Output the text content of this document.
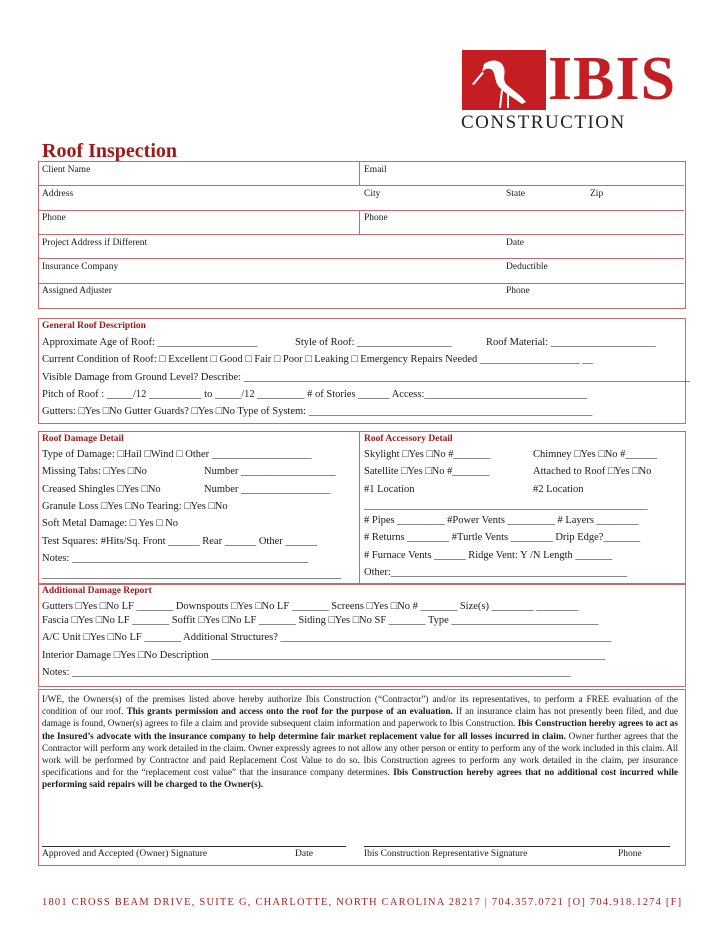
IBIS
CONSTRUCTION
Roof Inspection
Client Name	Email
Address	City	State	Zip
Phone	Phone
Project Address if Different	Date
Insurance Company	Deductible
Assigned Adjuster	Phone
General Roof Description
Approximate Age of Roof: ___________________	Style of Roof: __________________	Roof Material: ____________________
Current Condition of Roof: □ Excellent □ Good □ Fair □ Poor □ Leaking □ Emergency Repairs Needed ___________________ __
Visible Damage from Ground Level? Describe: _____________________________________________________________________________________
Pitch of Roof : _____/12 __________ to _____/12 _________ # of Stories ______ Access:_______________________________
Gutters: □Yes □No Gutter Guards? □Yes □No Type of System: ______________________________________________________
Roof Damage Detail
Type of Damage: □Hail □Wind □ Other ___________________
Missing Tabs: □Yes □No	Number __________________
Creased Shingles □Yes □No	Number _________________
Granule Loss □Yes □No Tearing: □Yes □No
Soft Metal Damage: □ Yes □ No
Test Squares: #Hits/Sq. Front ______ Rear ______ Other ______
Notes: _____________________________________________
_________________________________________________________
Roof Accessory Detail
Skylight □Yes □No #_______	Chimney □Yes □No #______
Satellite □Yes □No #_______	Attached to Roof □Yes □No
#1 Location	#2 Location
______________________________________________________
# Pipes _________ #Power Vents _________ # Layers ________
# Returns ________ #Turtle Vents ________ Drip Edge?_______
# Furnace Vents ______ Ridge Vent: Y /N Length _______
Other:_____________________________________________
Additional Damage Report
Gutters □Yes □No LF _______ Downspouts □Yes □No LF _______ Screens □Yes □No # _______ Size(s) ________ ________
Fascia □Yes □No LF _______ Soffit □Yes □No LF _______ Siding □Yes □No SF _______ Type ____________________________
A/C Unit □Yes □No LF _______ Additional Structures? _______________________________________________________________
Interior Damage □Yes □No Description ___________________________________________________________________________
Notes: _______________________________________________________________________________________________
I/WE, the Owners(s) of the premises listed above hereby authorize Ibis Construction (“Contractor”) and/or its representatives, to perform a FREE evaluation of the condition of our roof. This grants permission and access onto the roof for the purpose of an evaluation. If an insurance claim has not presently been filed, and due damage is found, Owner(s) agrees to file a claim and provide subsequent claim information and paperwork to Ibis Construction. Ibis Construction hereby agrees to act as the Insured’s advocate with the insurance company to help determine fair market replacement value for all losses incurred in claim. Owner further agrees that the Contractor will perform any work detailed in the claim. Owner expressly agrees to not allow any other person or entity to perform any of the work included in this claim. All work will be performed by Contractor and paid Replacement Cost Value to do so. Ibis Construction agrees to perform any work detailed in the claim, per insurance specifications and for the “replacement cost value” that the insurance company determines. Ibis Construction hereby agrees that no additional cost incurred while performing said repairs will be charged to the Owner(s).
Approved and Accepted (Owner) Signature	Date	Ibis Construction Representative Signature	Phone
1801 CROSS BEAM DRIVE, SUITE G, CHARLOTTE, NORTH CAROLINA 28217 | 704.357.0721 [O] 704.918.1274 [F]
